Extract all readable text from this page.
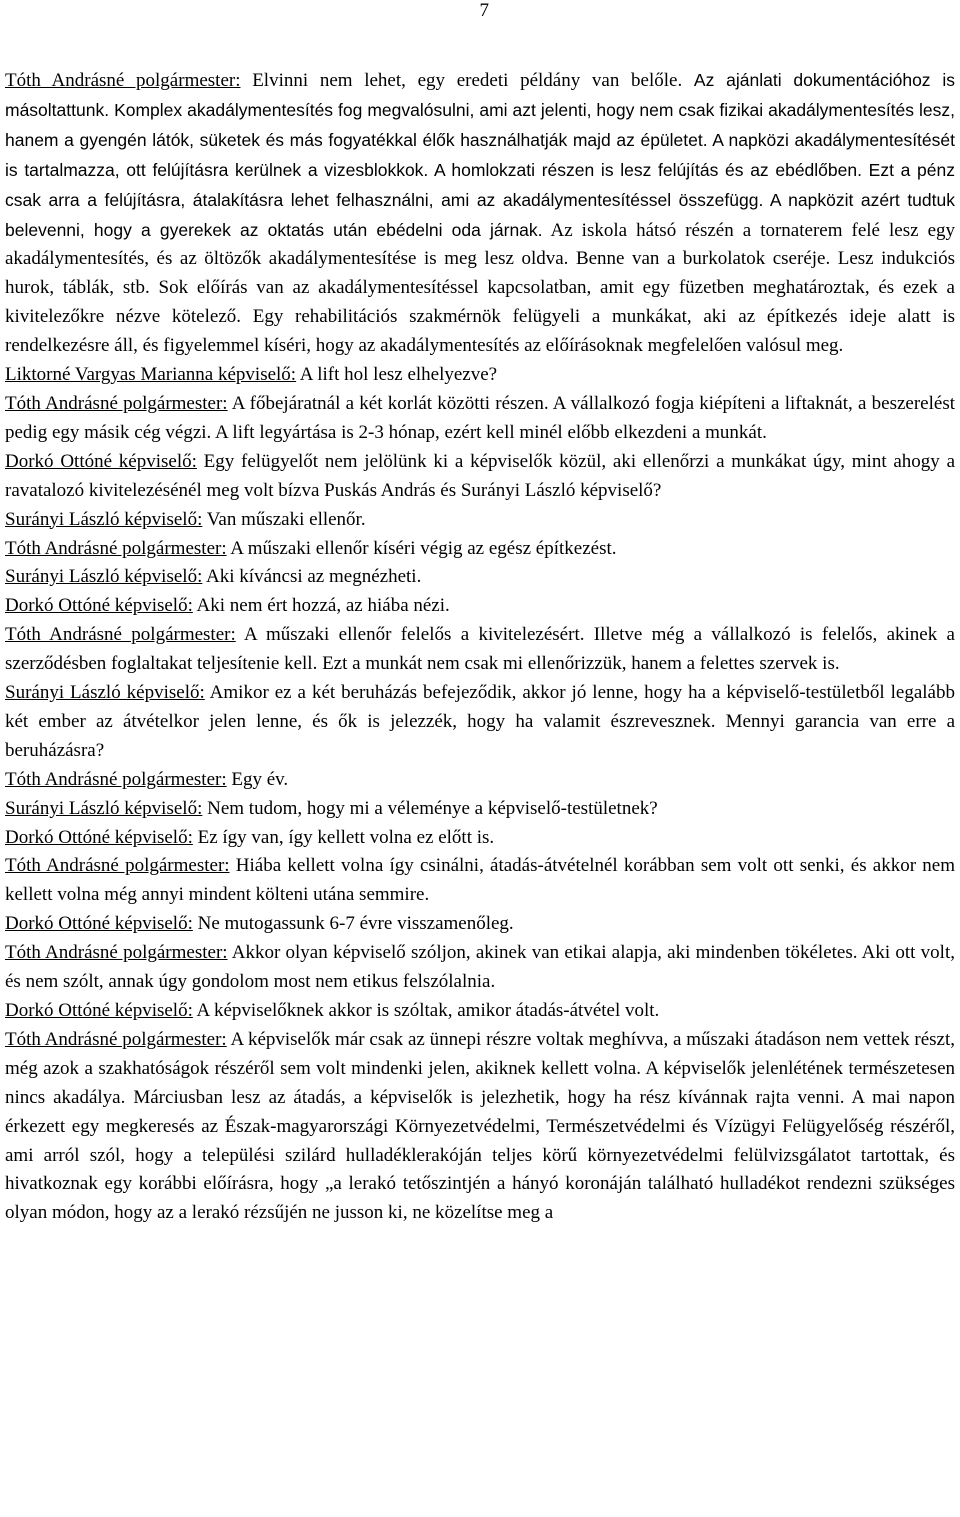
7

Tóth Andrásné polgármester: Elvinni nem lehet, egy eredeti példány van belőle. Az ajánlati dokumentációhoz is másoltattunk. Komplex akadálymentesítés fog megvalósulni, ami azt jelenti, hogy nem csak fizikai akadálymentesítés lesz, hanem a gyengén látók, süketek és más fogyatékkal élők használhatják majd az épületet. A napközi akadálymentesítését is tartalmazza, ott felújításra kerülnek a vizesblokkok. A homlokzati részen is lesz felújítás és az ebédlőben. Ezt a pénz csak arra a felújításra, átalakításra lehet felhasználni, ami az akadálymentesítéssel összefügg. A napközit azért tudtuk belevenni, hogy a gyerekek az oktatás után ebédelni oda járnak. Az iskola hátsó részén a tornaterem felé lesz egy akadálymentesítés, és az öltözők akadálymentesítése is meg lesz oldva. Benne van a burkolatok cseréje. Lesz indukciós hurok, táblák, stb. Sok előírás van az akadálymentesítéssel kapcsolatban, amit egy füzetben meghatároztak, és ezek a kivitelezőkre nézve kötelező. Egy rehabilitációs szakmérnök felügyeli a munkákat, aki az építkezés ideje alatt is rendelkezésre áll, és figyelemmel kíséri, hogy az akadálymentesítés az előírásoknak megfelelően valósul meg.

Liktorné Vargyas Marianna képviselő: A lift hol lesz elhelyezve?

Tóth Andrásné polgármester: A főbejáratnál a két korlát közötti részen. A vállalkozó fogja kiépíteni a liftaknát, a beszerelést pedig egy másik cég végzi. A lift legyártása is 2-3 hónap, ezért kell minél előbb elkezdeni a munkát.

Dorkó Ottóné képviselő: Egy felügyelőt nem jelölünk ki a képviselők közül, aki ellenőrzi a munkákat úgy, mint ahogy a ravatalozó kivitelezésénél meg volt bízva Puskás András és Surányi László képviselő?

Surányi László képviselő: Van műszaki ellenőr.

Tóth Andrásné polgármester: A műszaki ellenőr kíséri végig az egész építkezést.

Surányi László képviselő: Aki kíváncsi az megnézheti.

Dorkó Ottóné képviselő: Aki nem ért hozzá, az hiába nézi.

Tóth Andrásné polgármester: A műszaki ellenőr felelős a kivitelezésért. Illetve még a vállalkozó is felelős, akinek a szerződésben foglaltakat teljesítenie kell. Ezt a munkát nem csak mi ellenőrizzük, hanem a felettes szervek is.

Surányi László képviselő: Amikor ez a két beruházás befejeződik, akkor jó lenne, hogy ha a képviselő-testületből legalább két ember az átvételkor jelen lenne, és ők is jelezzék, hogy ha valamit észrevesznek. Mennyi garancia van erre a beruházásra?

Tóth Andrásné polgármester: Egy év.

Surányi László képviselő: Nem tudom, hogy mi a véleménye a képviselő-testületnek?

Dorkó Ottóné képviselő: Ez így van, így kellett volna ez előtt is.

Tóth Andrásné polgármester: Hiába kellett volna így csinálni, átadás-átvételnél korábban sem volt ott senki, és akkor nem kellett volna még annyi mindent költeni utána semmire.

Dorkó Ottóné képviselő: Ne mutogassunk 6-7 évre visszamenőleg.

Tóth Andrásné polgármester: Akkor olyan képviselő szóljon, akinek van etikai alapja, aki mindenben tökéletes. Aki ott volt, és nem szólt, annak úgy gondolom most nem etikus felszólalnia.

Dorkó Ottóné képviselő: A képviselőknek akkor is szóltak, amikor átadás-átvétel volt.

Tóth Andrásné polgármester: A képviselők már csak az ünnepi részre voltak meghívva, a műszaki átadáson nem vettek részt, még azok a szakhatóságok részéről sem volt mindenki jelen, akiknek kellett volna. A képviselők jelenlétének természetesen nincs akadálya. Márciusban lesz az átadás, a képviselők is jelezhetik, hogy ha rész kívánnak rajta venni. A mai napon érkezett egy megkeresés az Észak-magyarországi Környezetvédelmi, Természetvédelmi és Vízügyi Felügyelőség részéről, ami arról szól, hogy a települési szilárd hulladéklerakóján teljes körű környezetvédelmi felülvizsgálatot tartottak, és hivatkoznak egy korábbi előírásra, hogy „a lerakó tetőszintjén a hányó koronáján található hulladékot rendezni szükséges olyan módon, hogy az a lerakó rézsűjén ne jusson ki, ne közelítse meg a
